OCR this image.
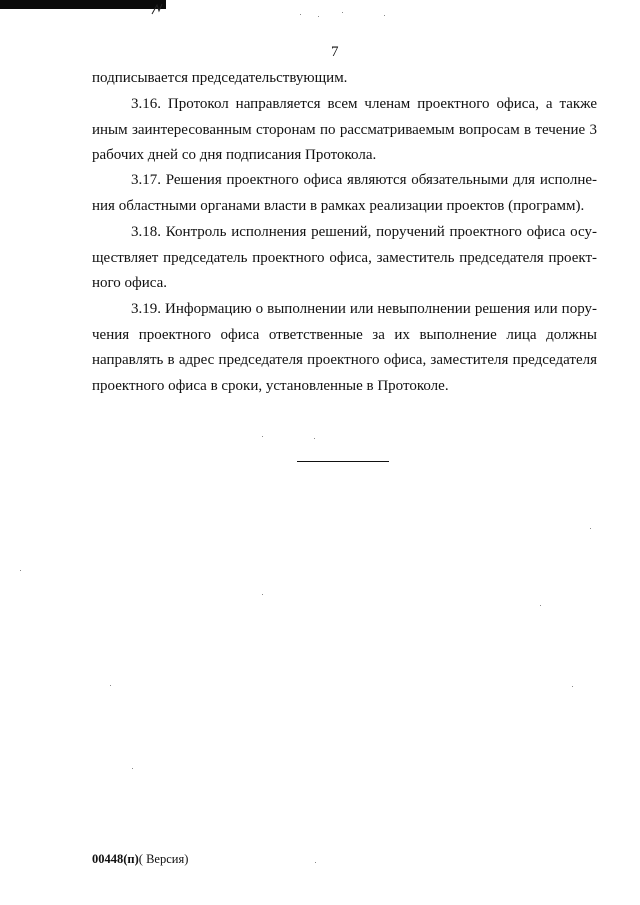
7
подписывается председательствующим.
3.16. Протокол направляется всем членам проектного офиса, а также
иным заинтересованным сторонам по рассматриваемым вопросам в течение 3
рабочих дней со дня подписания Протокола.
3.17. Решения проектного офиса являются обязательными для исполне-
ния областными органами власти в рамках реализации проектов (программ).
3.18. Контроль исполнения решений, поручений проектного офиса осу-
ществляет председатель проектного офиса, заместитель председателя проект-
ного офиса.
3.19. Информацию о выполнении или невыполнении решения или пору-
чения проектного офиса ответственные за их выполнение лица должны
направлять в адрес председателя проектного офиса, заместителя председателя
проектного офиса в сроки, установленные в Протоколе.
00448(п)( Версия)
